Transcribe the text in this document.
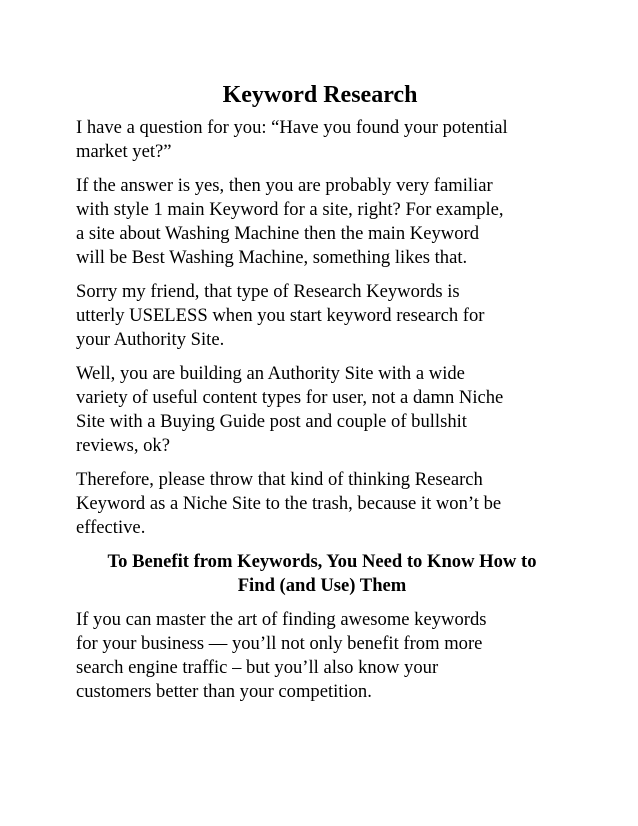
Keyword Research

I have a question for you: “Have you found your potential
market yet?”

If the answer is yes, then you are probably very familiar
with style 1 main Keyword for a site, right? For example,
a site about Washing Machine then the main Keyword
will be Best Washing Machine, something likes that.

Sorry my friend, that type of Research Keywords is
utterly USELESS when you start keyword research for
your Authority Site.

Well, you are building an Authority Site with a wide
variety of useful content types for user, not a damn Niche
Site with a Buying Guide post and couple of bullshit
reviews, ok?

Therefore, please throw that kind of thinking Research
Keyword as a Niche Site to the trash, because it won’t be
effective.

To Benefit from Keywords, You Need to Know How to
Find (and Use) Them

If you can master the art of finding awesome keywords
for your business — you’ll not only benefit from more
search engine traffic – but you’ll also know your
customers better than your competition.
